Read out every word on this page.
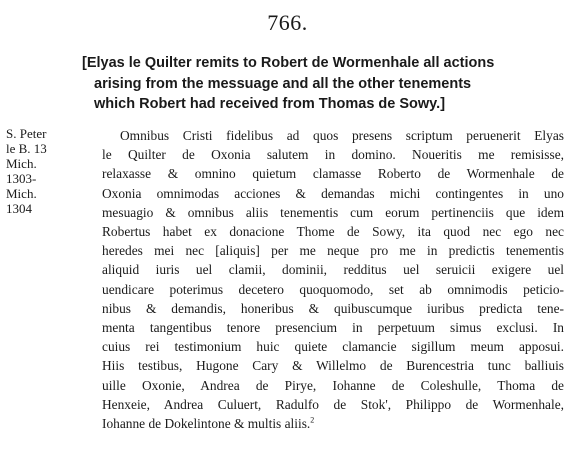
766.
[Elyas le Quilter remits to Robert de Wormenhale all actions
arising from the messuage and all the other tenements
which Robert had received from Thomas de Sowy.]
S. Peter
le B. 13
Mich.
1303-
Mich.
1304
Omnibus Cristi fidelibus ad quos presens scriptum peruenerit Elyas
le Quilter de Oxonia salutem in domino. Noueritis me remisisse,
relaxasse & omnino quietum clamasse Roberto de Wormenhale de
Oxonia omnimodas acciones & demandas michi contingentes in uno
mesuagio & omnibus aliis tenementis cum eorum pertinenciis que idem
Robertus habet ex donacione Thome de Sowy, ita quod nec ego nec
heredes mei nec [aliquis] per me neque pro me in predictis tenementis
aliquid iuris uel clamii, dominii, redditus uel seruicii exigere uel
uendicare poterimus decetero quoquomodo, set ab omnimodis peticio-
nibus & demandis, honeribus & quibuscumque iuribus predicta tene-
menta tangentibus tenore presencium in perpetuum simus exclusi. In
cuius rei testimonium huic quiete clamancie sigillum meum apposui.
Hiis testibus, Hugone Cary & Willelmo de Burencestria tunc balliuis
uille Oxonie, Andrea de Pirye, Iohanne de Coleshulle, Thoma de
Henxeie, Andrea Culuert, Radulfo de Stok', Philippo de Wormenhale,
Iohanne de Dokelintone & multis aliis.$^2$
